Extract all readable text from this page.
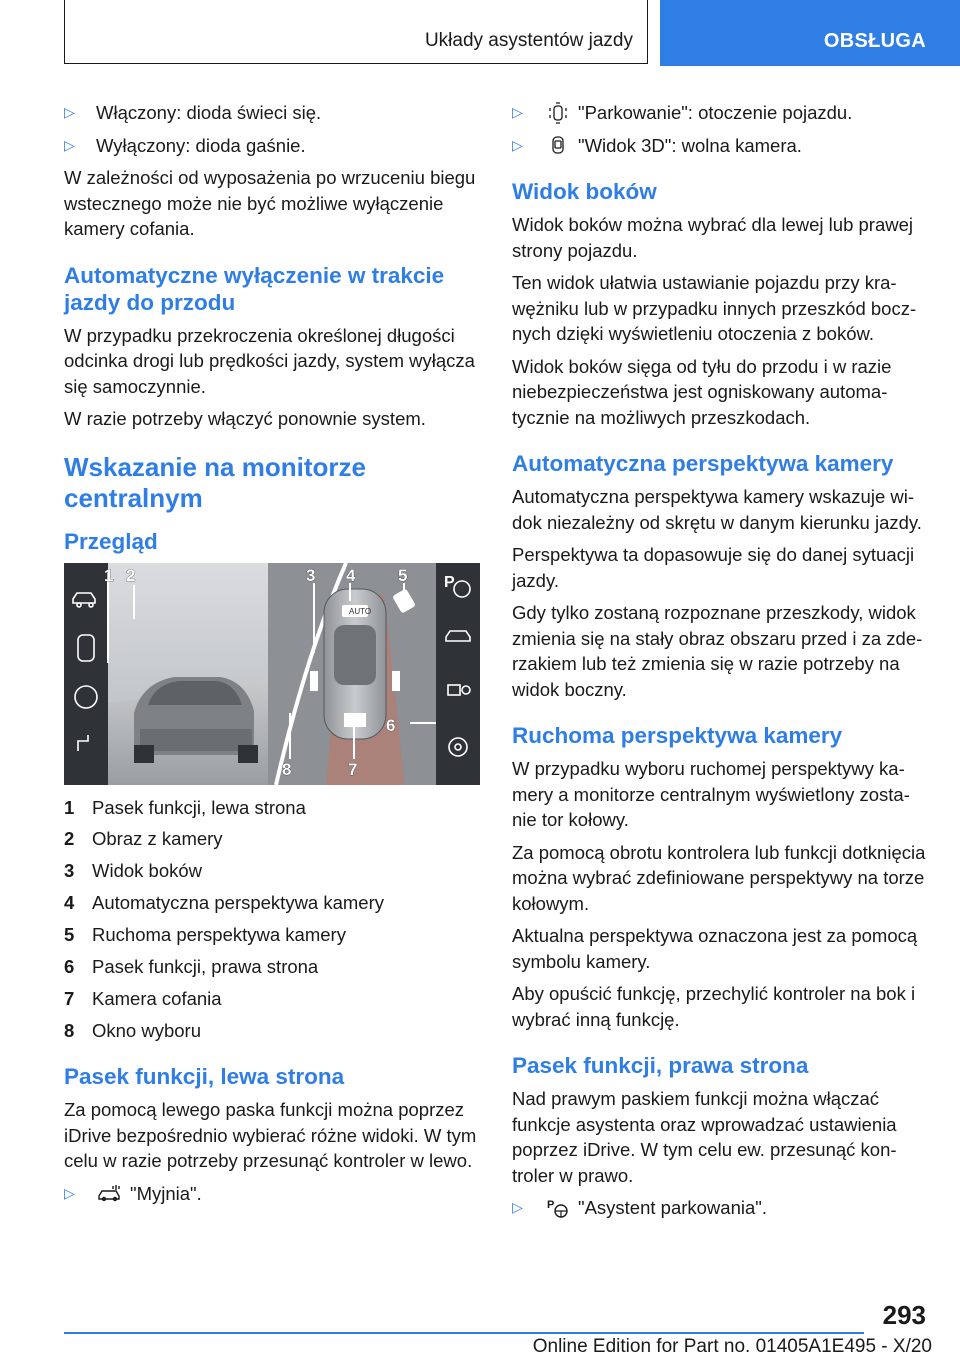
Układy asystentów jazdy	OBSŁUGA
▷	Włączony: dioda świeci się.
▷	Wyłączony: dioda gaśnie.

W zależności od wyposażenia po wrzuceniu biegu wstecznego może nie być możliwe wyłączenie kamery cofania.

Automatyczne wyłączenie w trakcie jazdy do przodu

W przypadku przekroczenia określonej długości odcinka drogi lub prędkości jazdy, system wyłącza się samoczynnie.

W razie potrzeby włączyć ponownie system.

Wskazanie na monitorze centralnym
Przegląd
AUTO
P
1 2	3 4	5
6
7
8
1 Pasek funkcji, lewa strona
2 Obraz z kamery
3 Widok boków
4 Automatyczna perspektywa kamery
5 Ruchoma perspektywa kamery
6 Pasek funkcji, prawa strona
7 Kamera cofania
8 Okno wyboru
Pasek funkcji, lewa strona

Za pomocą lewego paska funkcji można poprzez iDrive bezpośrednio wybierać różne widoki. W tym celu w razie potrzeby przesunąć kontroler w lewo.

▷	"Myjnia".
▷	"Parkowanie": otoczenie pojazdu.
▷	"Widok 3D": wolna kamera.
Widok boków

Widok boków można wybrać dla lewej lub prawej strony pojazdu.

Ten widok ułatwia ustawianie pojazdu przy krawężniku lub w przypadku innych przeszkód bocznych dzięki wyświetleniu otoczenia z boków.

Widok boków sięga od tyłu do przodu i w razie niebezpieczeństwa jest ogniskowany automatycznie na możliwych przeszkodach.

Automatyczna perspektywa kamery

Automatyczna perspektywa kamery wskazuje widok niezależny od skrętu w danym kierunku jazdy.

Perspektywa ta dopasowuje się do danej sytuacji jazdy.

Gdy tylko zostaną rozpoznane przeszkody, widok zmienia się na stały obraz obszaru przed i za zderzakiem lub też zmienia się w razie potrzeby na widok boczny.

Ruchoma perspektywa kamery

W przypadku wyboru ruchomej perspektywy kamery a monitorze centralnym wyświetlony zostanie tor kołowy.

Za pomocą obrotu kontrolera lub funkcji dotknięcia można wybrać zdefiniowane perspektywy na torze kołowym.

Aktualna perspektywa oznaczona jest za pomocą symbolu kamery.

Aby opuścić funkcję, przechylić kontroler na bok i wybrać inną funkcję.

Pasek funkcji, prawa strona

Nad prawym paskiem funkcji można włączać funkcje asystenta oraz wprowadzać ustawienia poprzez iDrive. W tym celu ew. przesunąć kontroler w prawo.

▷	P "Asystent parkowania".
293
Online Edition for Part no. 01405A1E495 - X/20
